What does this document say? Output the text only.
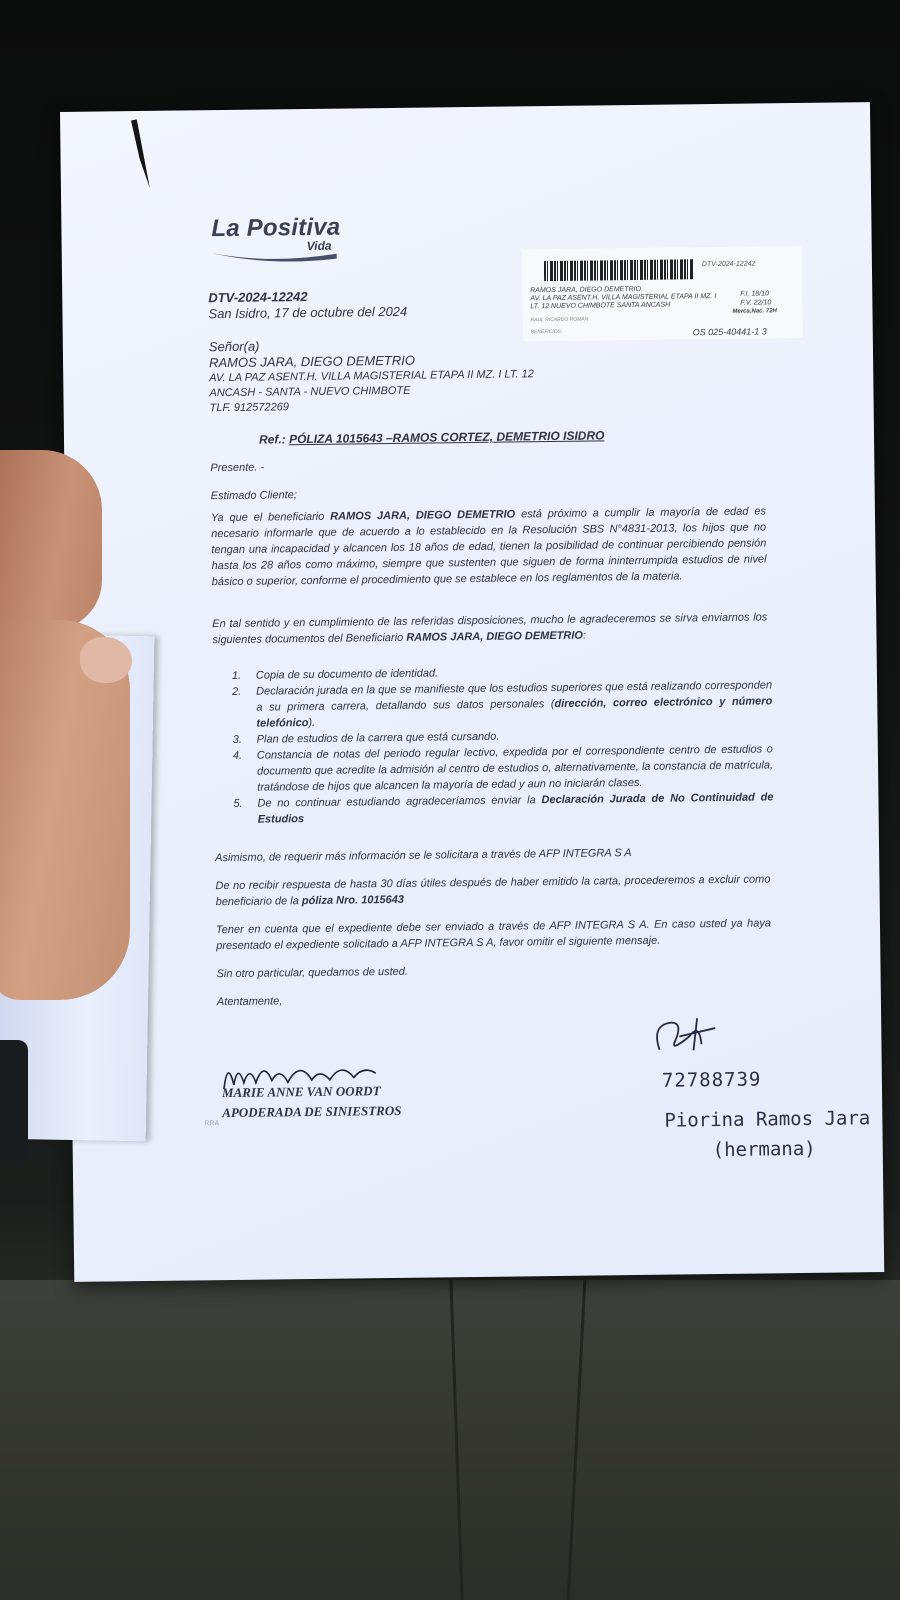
La Positiva
Vida
DTV-2024-12242
RAMOS JARA, DIEGO DEMETRIO
AV. LA PAZ ASENT.H. VILLA MAGISTERIAL ETAPA II MZ. I
LT. 12 NUEVO CHIMBOTE SANTA ANCASH
RAUL RICARDO ROMAN
BENEFICIOS
F.I. 18/10
F.V. 22/10
Merca.Nac. 72H
OS 025-40441-1 3
DTV-2024-12242
San Isidro, 17 de octubre del 2024
Señor(a)
RAMOS JARA, DIEGO DEMETRIO
AV. LA PAZ ASENT.H. VILLA MAGISTERIAL ETAPA II MZ. I LT. 12
ANCASH - SANTA - NUEVO CHIMBOTE
TLF. 912572269
Ref.: PÓLIZA 1015643 –RAMOS CORTEZ, DEMETRIO ISIDRO
Presente. -
Estimado Cliente;
Ya que el beneficiario RAMOS JARA, DIEGO DEMETRIO está próximo a cumplir la mayoría de edad es necesario informarle que de acuerdo a lo establecido en la Resolución SBS N°4831-2013, los hijos que no tengan una incapacidad y alcancen los 18 años de edad, tienen la posibilidad de continuar percibiendo pensión hasta los 28 años como máximo, siempre que sustenten que siguen de forma ininterrumpida estudios de nivel básico o superior, conforme el procedimiento que se establece en los reglamentos de la materia.
En tal sentido y en cumplimiento de las referidas disposiciones, mucho le agradeceremos se sirva enviarnos los siguientes documentos del Beneficiario RAMOS JARA, DIEGO DEMETRIO:
1. Copia de su documento de identidad.
2. Declaración jurada en la que se manifieste que los estudios superiores que está realizando corresponden a su primera carrera, detallando sus datos personales (dirección, correo electrónico y número telefónico).
3. Plan de estudios de la carrera que está cursando.
4. Constancia de notas del periodo regular lectivo, expedida por el correspondiente centro de estudios o documento que acredite la admisión al centro de estudios o, alternativamente, la constancia de matrícula, tratándose de hijos que alcancen la mayoría de edad y aun no iniciarán clases.
5. De no continuar estudiando agradeceríamos enviar la Declaración Jurada de No Continuidad de Estudios
Asimismo, de requerir más información se le solicitara a través de AFP INTEGRA S A
De no recibir respuesta de hasta 30 días útiles después de haber emitido la carta, procederemos a excluir como beneficiario de la póliza Nro. 1015643
Tener en cuenta que el expediente debe ser enviado a través de AFP INTEGRA S A. En caso usted ya haya presentado el expediente solicitado a AFP INTEGRA S A, favor omitir el siguiente mensaje.
Sin otro particular, quedamos de usted.
Atentamente,
MARIE ANNE VAN OORDT
APODERADA DE SINIESTROS
RRA
72788739
Piorina Ramos Jara
(hermana)
